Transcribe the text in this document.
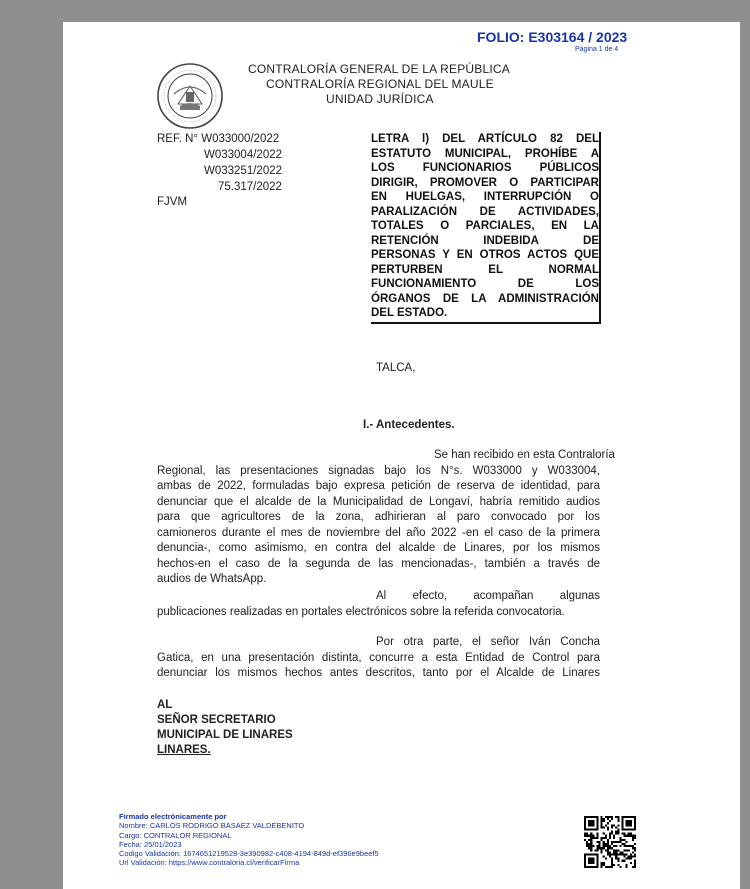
FOLIO: E303164 / 2023
Página 1 de 4
CONTRALORÍA GENERAL DE LA REPÚBLICA
CONTRALORÍA REGIONAL DEL MAULE
UNIDAD JURÍDICA
REF. N° W033000/2022
W033004/2022
W033251/2022
75.317/2022
FJVM
LETRA l) DEL ARTÍCULO 82 DEL
ESTATUTO MUNICIPAL, PROHÍBE A
LOS FUNCIONARIOS PÚBLICOS
DIRIGIR, PROMOVER O PARTICIPAR
EN HUELGAS, INTERRUPCIÓN O
PARALIZACIÓN DE ACTIVIDADES,
TOTALES O PARCIALES, EN LA
RETENCIÓN INDEBIDA DE
PERSONAS Y EN OTROS ACTOS QUE
PERTURBEN EL NORMAL
FUNCIONAMIENTO DE LOS
ÓRGANOS DE LA ADMINISTRACIÓN
DEL ESTADO.
TALCA,
I.- Antecedentes.
Se han recibido en esta Contraloría
Regional, las presentaciones signadas bajo los N°s. W033000 y W033004,
ambas de 2022, formuladas bajo expresa petición de reserva de identidad, para
denunciar que el alcalde de la Municipalidad de Longaví, habría remitido audios
para que agricultores de la zona, adhirieran al paro convocado por los
camioneros durante el mes de noviembre del año 2022 -en el caso de la primera
denuncia-, como asimismo, en contra del alcalde de Linares, por los mismos
hechos-en el caso de la segunda de las mencionadas-, también a través de
audios de WhatsApp.
Al efecto, acompañan algunas
publicaciones realizadas en portales electrónicos sobre la referida convocatoria.
Por otra parte, el señor Iván Concha
Gatica, en una presentación distinta, concurre a esta Entidad de Control para
denunciar los mismos hechos antes descritos, tanto por el Alcalde de Linares
AL
SEÑOR SECRETARIO
MUNICIPAL DE LINARES
LINARES.
Firmado electrónicamente por
Nombre: CARLOS RODRIGO BASAEZ VALDEBENITO
Cargo: CONTRALOR REGIONAL
Fecha: 25/01/2023
Codigo Validación: 1674651219528-3e390982-c408-4194-849d-ef396e9beef5
Url Validación: https://www.contraloria.cl/verificarFirma
